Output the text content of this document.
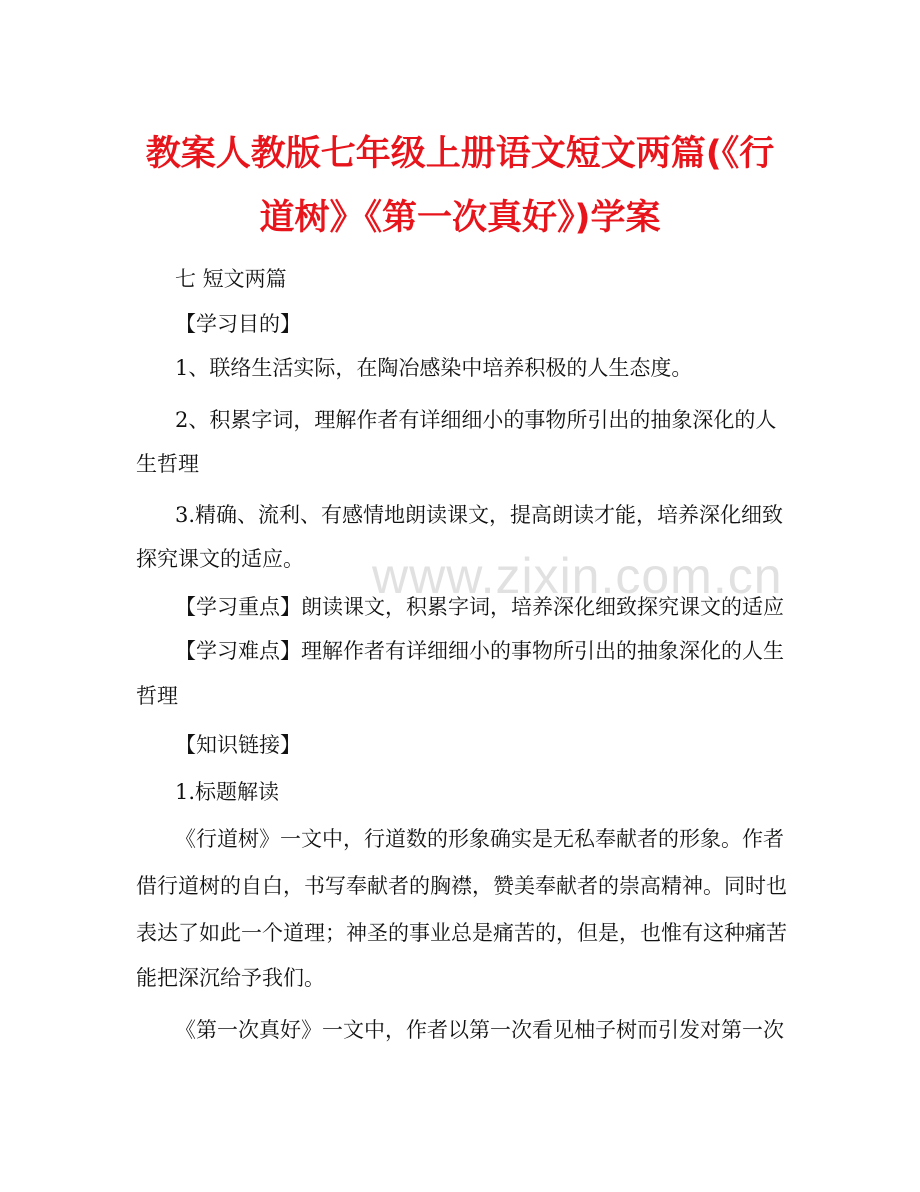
教案人教版七年级上册语文短文两篇(《行
道树》《第一次真好》)学案
www.zixin.com.cn

七 短文两篇

【学习目的】

1、联络生活实际，在陶冶感染中培养积极的人生态度。

2、积累字词，理解作者有详细细小的事物所引出的抽象深化的人

生哲理

3.精确、流利、有感情地朗读课文，提高朗读才能，培养深化细致

探究课文的适应。

【学习重点】朗读课文，积累字词，培养深化细致探究课文的适应

【学习难点】理解作者有详细细小的事物所引出的抽象深化的人生

哲理

【知识链接】

1.标题解读

《行道树》一文中，行道数的形象确实是无私奉献者的形象。作者

借行道树的自白，书写奉献者的胸襟，赞美奉献者的崇高精神。同时也

表达了如此一个道理；神圣的事业总是痛苦的，但是，也惟有这种痛苦

能把深沉给予我们。

《第一次真好》一文中，作者以第一次看见柚子树而引发对第一次
